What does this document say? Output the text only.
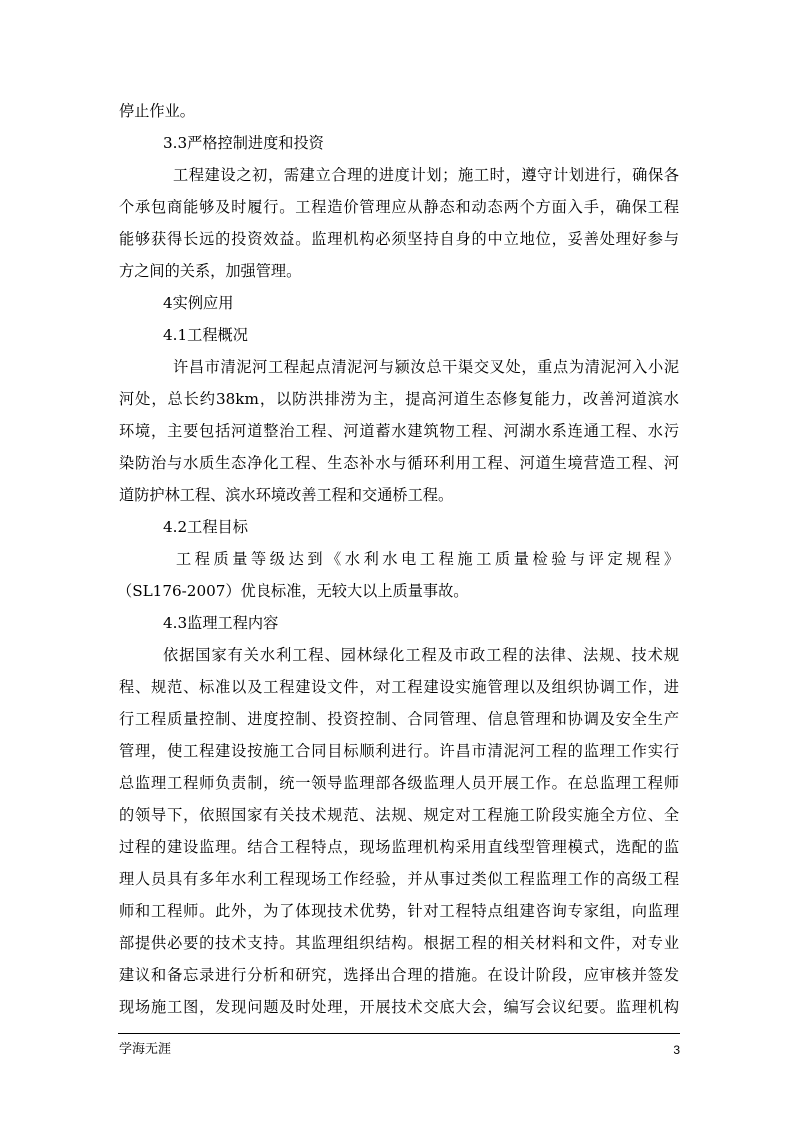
停止作业。
3.3严格控制进度和投资
工程建设之初，需建立合理的进度计划；施工时，遵守计划进行，确保各
个承包商能够及时履行。工程造价管理应从静态和动态两个方面入手，确保工程
能够获得长远的投资效益。监理机构必须坚持自身的中立地位，妥善处理好参与
方之间的关系，加强管理。
4实例应用
4.1工程概况
许昌市清泥河工程起点清泥河与颍汝总干渠交叉处，重点为清泥河入小泥
河处，总长约38km，以防洪排涝为主，提高河道生态修复能力，改善河道滨水
环境，主要包括河道整治工程、河道蓄水建筑物工程、河湖水系连通工程、水污
染防治与水质生态净化工程、生态补水与循环利用工程、河道生境营造工程、河
道防护林工程、滨水环境改善工程和交通桥工程。
4.2工程目标
工程质量等级达到《水利水电工程施工质量检验与评定规程》
（SL176-2007）优良标准，无较大以上质量事故。
4.3监理工程内容
依据国家有关水利工程、园林绿化工程及市政工程的法律、法规、技术规
程、规范、标准以及工程建设文件，对工程建设实施管理以及组织协调工作，进
行工程质量控制、进度控制、投资控制、合同管理、信息管理和协调及安全生产
管理，使工程建设按施工合同目标顺利进行。许昌市清泥河工程的监理工作实行
总监理工程师负责制，统一领导监理部各级监理人员开展工作。在总监理工程师
的领导下，依照国家有关技术规范、法规、规定对工程施工阶段实施全方位、全
过程的建设监理。结合工程特点，现场监理机构采用直线型管理模式，选配的监
理人员具有多年水利工程现场工作经验，并从事过类似工程监理工作的高级工程
师和工程师。此外，为了体现技术优势，针对工程特点组建咨询专家组，向监理
部提供必要的技术支持。其监理组织结构。根据工程的相关材料和文件，对专业
建议和备忘录进行分析和研究，选择出合理的措施。在设计阶段，应审核并签发
现场施工图，发现问题及时处理，开展技术交底大会，编写会议纪要。监理机构
学海无涯	3
